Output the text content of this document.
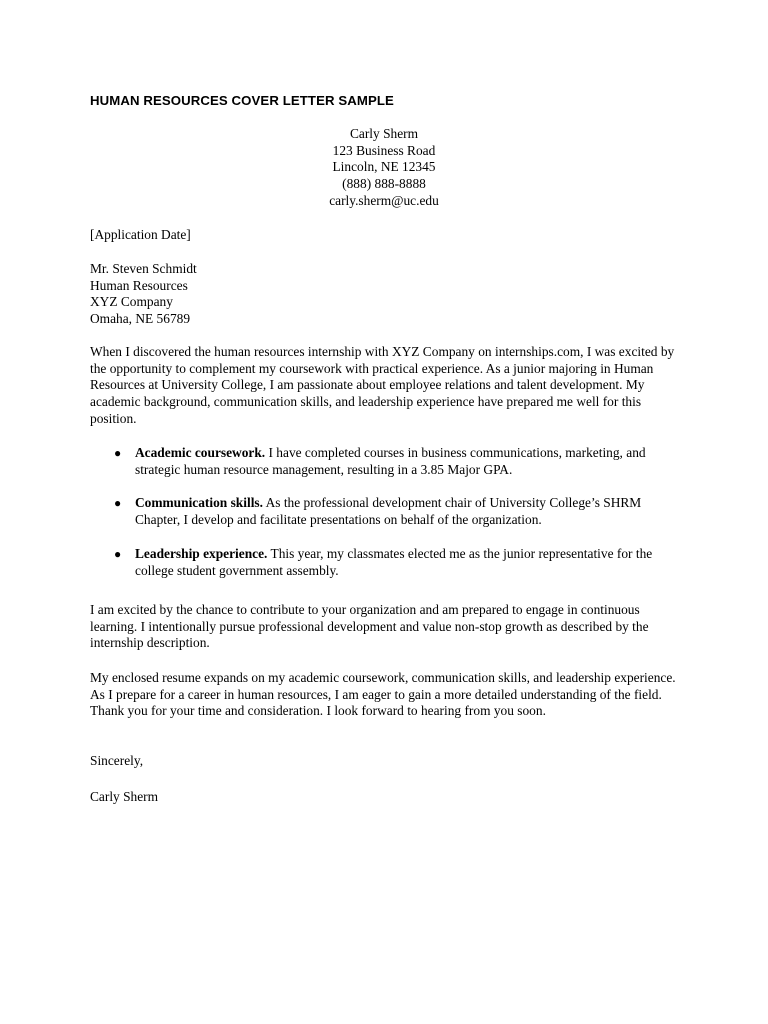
HUMAN RESOURCES COVER LETTER SAMPLE
Carly Sherm
123 Business Road
Lincoln, NE 12345
(888) 888-8888
carly.sherm@uc.edu

[Application Date]

Mr. Steven Schmidt
Human Resources
XYZ Company
Omaha, NE 56789

When I discovered the human resources internship with XYZ Company on internships.com, I was excited by the opportunity to complement my coursework with practical experience. As a junior majoring in Human Resources at University College, I am passionate about employee relations and talent development. My academic background, communication skills, and leadership experience have prepared me well for this position.

● Academic coursework. I have completed courses in business communications, marketing, and strategic human resource management, resulting in a 3.85 Major GPA.
● Communication skills. As the professional development chair of University College’s SHRM Chapter, I develop and facilitate presentations on behalf of the organization.
● Leadership experience. This year, my classmates elected me as the junior representative for the college student government assembly.

I am excited by the chance to contribute to your organization and am prepared to engage in continuous learning. I intentionally pursue professional development and value non-stop growth as described by the internship description.

My enclosed resume expands on my academic coursework, communication skills, and leadership experience. As I prepare for a career in human resources, I am eager to gain a more detailed understanding of the field. Thank you for your time and consideration. I look forward to hearing from you soon.

Sincerely,

Carly Sherm
